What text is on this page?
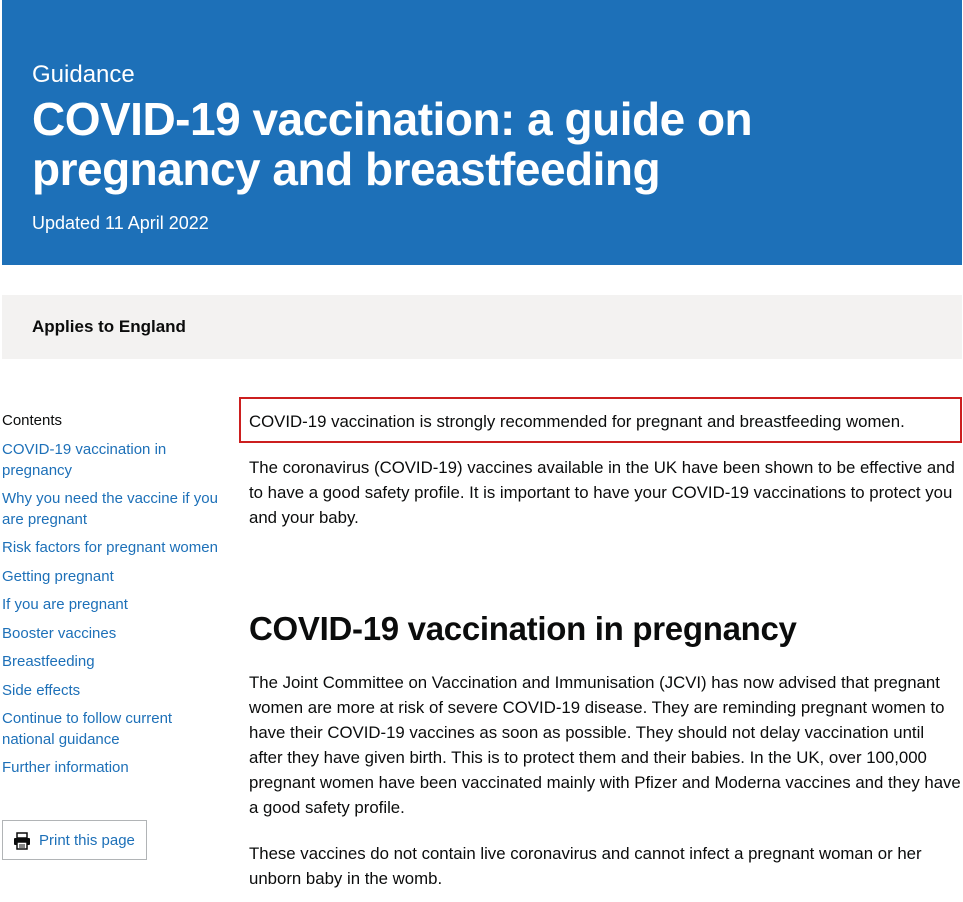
Guidance
COVID-19 vaccination: a guide on pregnancy and breastfeeding
Updated 11 April 2022
Applies to England
Contents
COVID-19 vaccination in pregnancy
Why you need the vaccine if you are pregnant
Risk factors for pregnant women
Getting pregnant
If you are pregnant
Booster vaccines
Breastfeeding
Side effects
Continue to follow current national guidance
Further information
Print this page
COVID-19 vaccination is strongly recommended for pregnant and breastfeeding women.

The coronavirus (COVID-19) vaccines available in the UK have been shown to be effective and to have a good safety profile. It is important to have your COVID-19 vaccinations to protect you and your baby.

COVID-19 vaccination in pregnancy

The Joint Committee on Vaccination and Immunisation (JCVI) has now advised that pregnant women are more at risk of severe COVID-19 disease. They are reminding pregnant women to have their COVID-19 vaccines as soon as possible. They should not delay vaccination until after they have given birth. This is to protect them and their babies. In the UK, over 100,000 pregnant women have been vaccinated mainly with Pfizer and Moderna vaccines and they have a good safety profile.

These vaccines do not contain live coronavirus and cannot infect a pregnant woman or her unborn baby in the womb.
